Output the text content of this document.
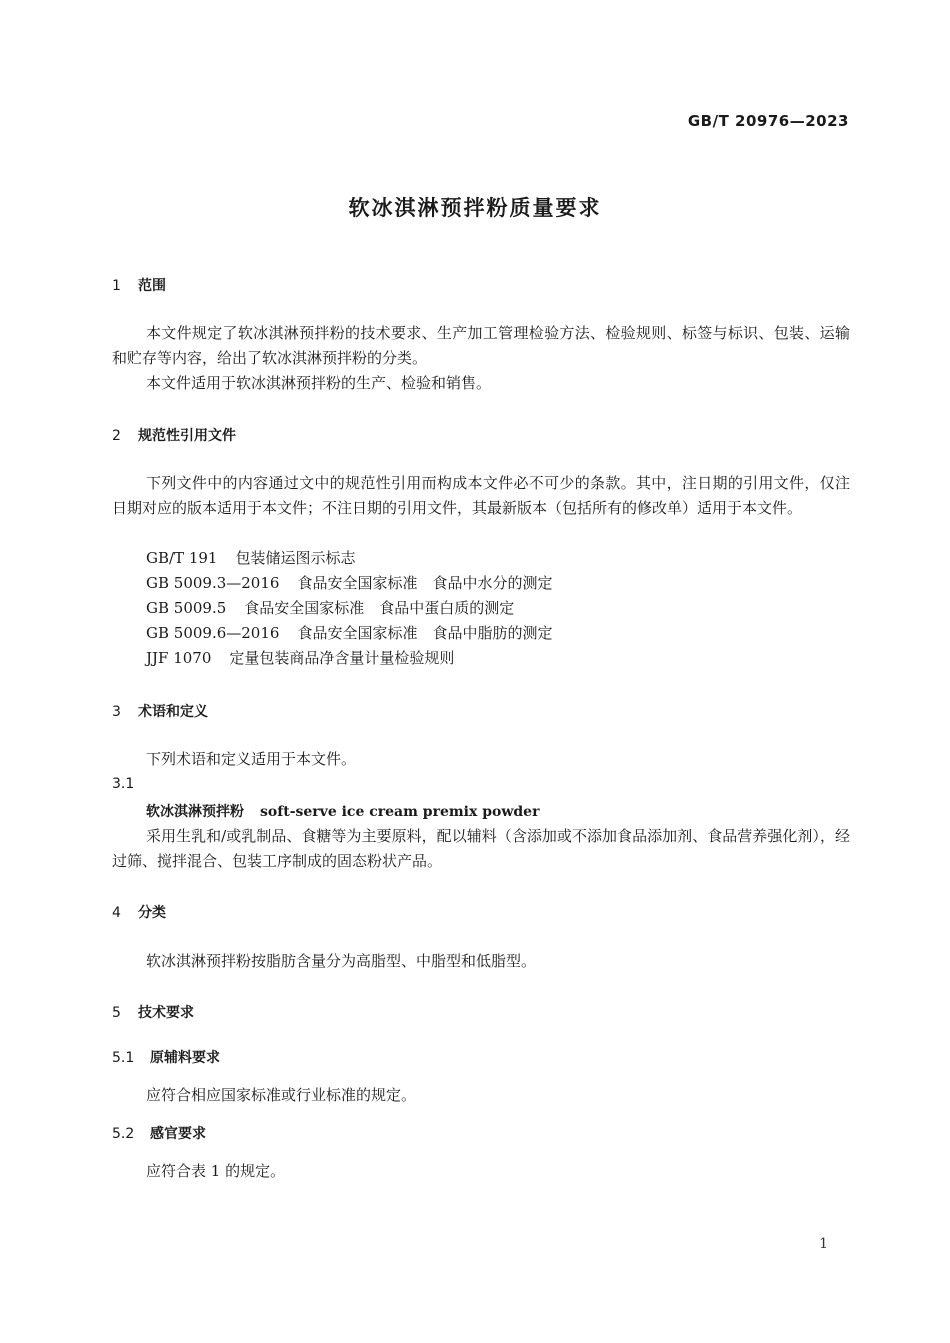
GB/T 20976—2023
软冰淇淋预拌粉质量要求
1 范围
本文件规定了软冰淇淋预拌粉的技术要求、生产加工管理检验方法、检验规则、标签与标识、包装、运输和贮存等内容，给出了软冰淇淋预拌粉的分类。
本文件适用于软冰淇淋预拌粉的生产、检验和销售。
2 规范性引用文件
下列文件中的内容通过文中的规范性引用而构成本文件必不可少的条款。其中，注日期的引用文件，仅注日期对应的版本适用于本文件；不注日期的引用文件，其最新版本（包括所有的修改单）适用于本文件。
GB/T 191 包装储运图示标志
GB 5009.3—2016 食品安全国家标准　食品中水分的测定
GB 5009.5 食品安全国家标准　食品中蛋白质的测定
GB 5009.6—2016 食品安全国家标准　食品中脂肪的测定
JJF 1070 定量包装商品净含量计量检验规则
3 术语和定义
下列术语和定义适用于本文件。
3.1
软冰淇淋预拌粉 soft-serve ice cream premix powder
采用生乳和/或乳制品、食糖等为主要原料，配以辅料（含添加或不添加食品添加剂、食品营养强化剂），经过筛、搅拌混合、包装工序制成的固态粉状产品。
4 分类
软冰淇淋预拌粉按脂肪含量分为高脂型、中脂型和低脂型。
5 技术要求
5.1 原辅料要求
应符合相应国家标准或行业标准的规定。
5.2 感官要求
应符合表 1 的规定。
1
